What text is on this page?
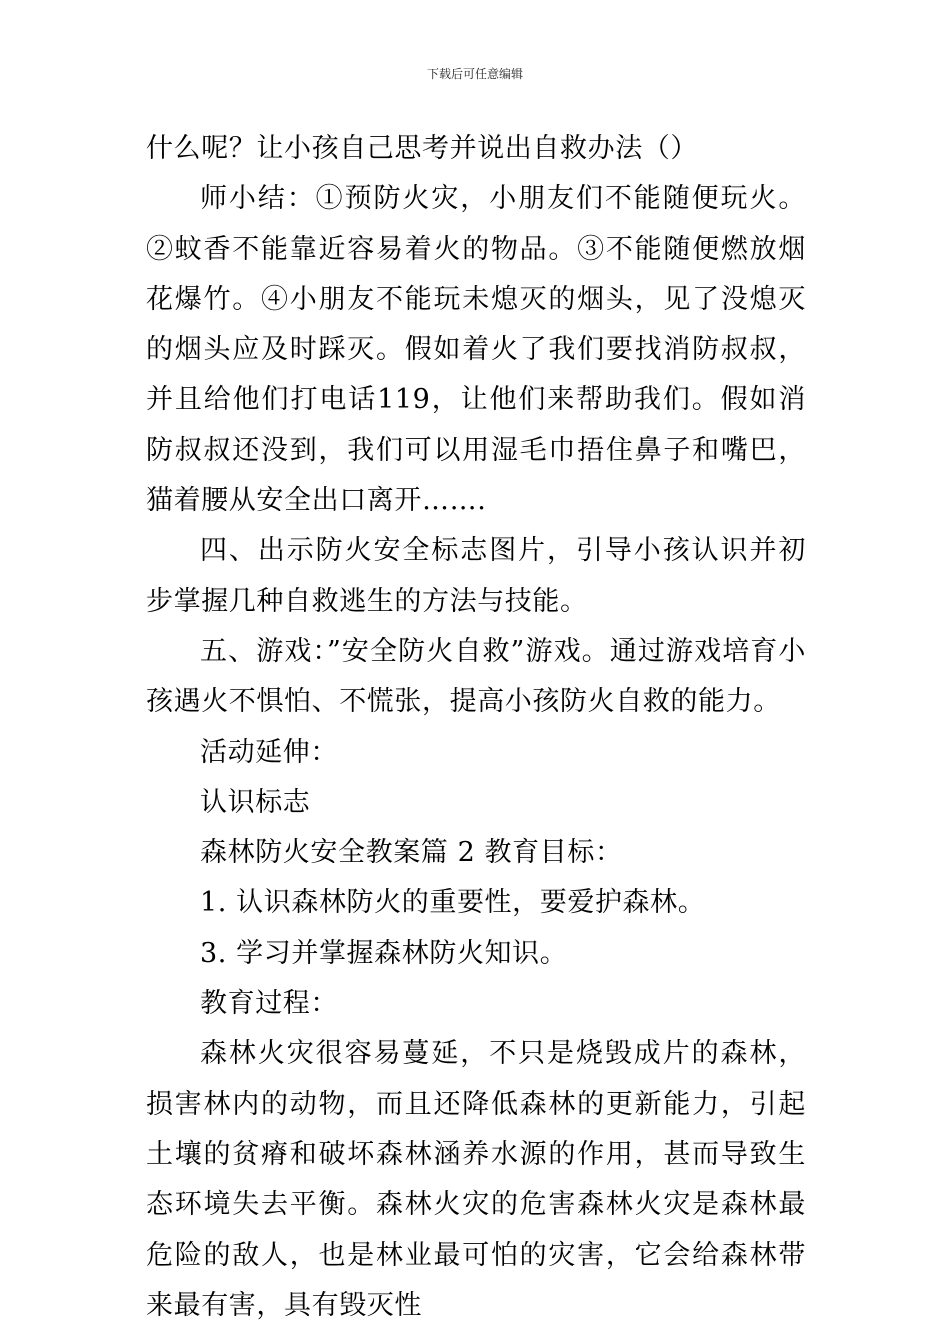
下载后可任意编辑

什么呢？让小孩自己思考并说出自救办法（）

师小结：①预防火灾，小朋友们不能随便玩火。②蚊香不能靠近容易着火的物品。③不能随便燃放烟花爆竹。④小朋友不能玩未熄灭的烟头，见了没熄灭的烟头应及时踩灭。假如着火了我们要找消防叔叔，并且给他们打电话119，让他们来帮助我们。假如消防叔叔还没到，我们可以用湿毛巾捂住鼻子和嘴巴，猫着腰从安全出口离开…….

四、出示防火安全标志图片，引导小孩认识并初步掌握几种自救逃生的方法与技能。

五、游戏：”安全防火自救”游戏。通过游戏培育小孩遇火不惧怕、不慌张，提高小孩防火自救的能力。

活动延伸：

认识标志

森林防火安全教案篇 2 教育目标：

1. 认识森林防火的重要性，要爱护森林。

3. 学习并掌握森林防火知识。

教育过程：

森林火灾很容易蔓延，不只是烧毁成片的森林，损害林内的动物，而且还降低森林的更新能力，引起土壤的贫瘠和破坏森林涵养水源的作用，甚而导致生态环境失去平衡。森林火灾的危害森林火灾是森林最危险的敌人，也是林业最可怕的灾害，它会给森林带来最有害，具有毁灭性
